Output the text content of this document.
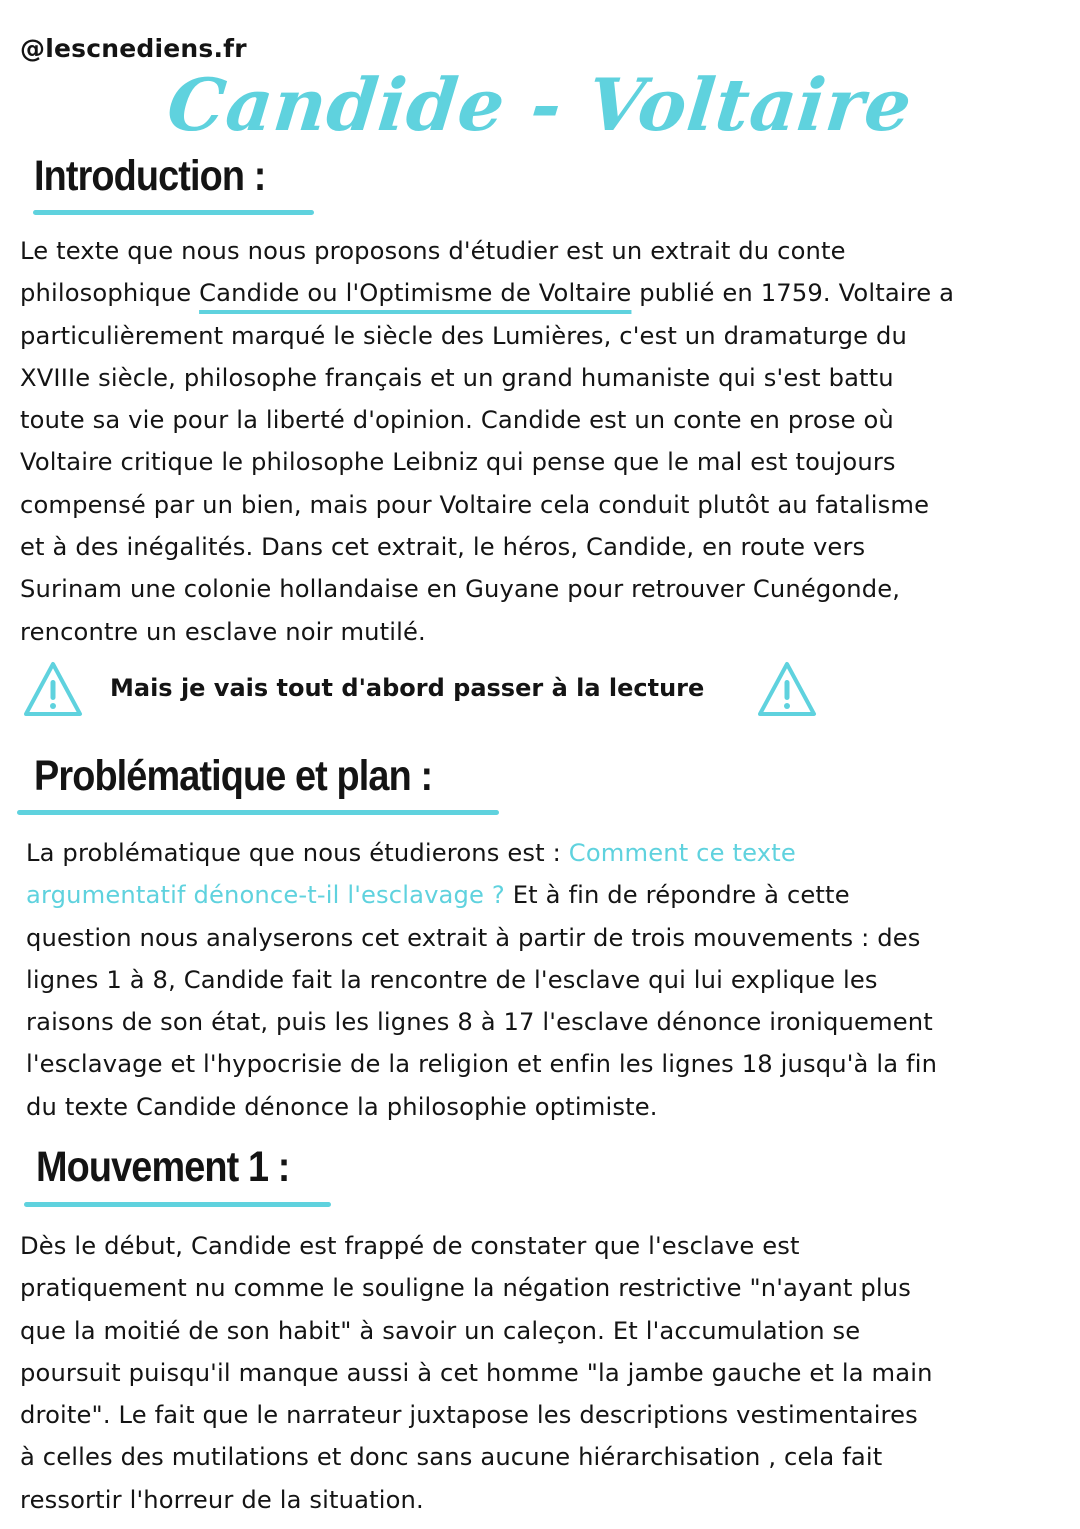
@lescnediens.fr
Candide - Voltaire
Introduction :
Le texte que nous nous proposons d'étudier est un extrait du conte
philosophique Candide ou l'Optimisme de Voltaire publié en 1759. Voltaire a
particulièrement marqué le siècle des Lumières, c'est un dramaturge du
XVIIIe siècle, philosophe français et un grand humaniste qui s'est battu
toute sa vie pour la liberté d'opinion. Candide est un conte en prose où
Voltaire critique le philosophe Leibniz qui pense que le mal est toujours
compensé par un bien, mais pour Voltaire cela conduit plutôt au fatalisme
et à des inégalités. Dans cet extrait, le héros, Candide, en route vers
Surinam une colonie hollandaise en Guyane pour retrouver Cunégonde,
rencontre un esclave noir mutilé.
Mais je vais tout d'abord passer à la lecture
Problématique et plan :
La problématique que nous étudierons est : Comment ce texte
argumentatif dénonce-t-il l'esclavage ? Et à fin de répondre à cette
question nous analyserons cet extrait à partir de trois mouvements : des
lignes 1 à 8, Candide fait la rencontre de l'esclave qui lui explique les
raisons de son état, puis les lignes 8 à 17 l'esclave dénonce ironiquement
l'esclavage et l'hypocrisie de la religion et enfin les lignes 18 jusqu'à la fin
du texte Candide dénonce la philosophie optimiste.
Mouvement 1 :
Dès le début, Candide est frappé de constater que l'esclave est
pratiquement nu comme le souligne la négation restrictive "n'ayant plus
que la moitié de son habit" à savoir un caleçon. Et l'accumulation se
poursuit puisqu'il manque aussi à cet homme "la jambe gauche et la main
droite". Le fait que le narrateur juxtapose les descriptions vestimentaires
à celles des mutilations et donc sans aucune hiérarchisation , cela fait
ressortir l'horreur de la situation.
